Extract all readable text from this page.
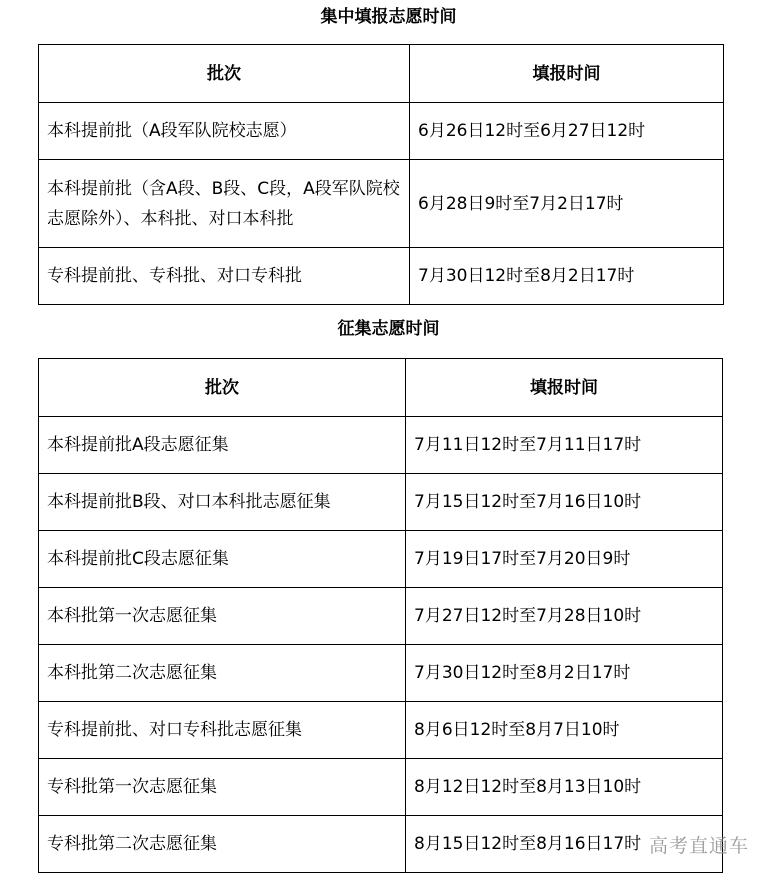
集中填报志愿时间
批次	填报时间
本科提前批（A段军队院校志愿）	6月26日12时至6月27日12时
本科提前批（含A段、B段、C段，A段军队院校志愿除外）、本科批、对口本科批	6月28日9时至7月2日17时
专科提前批、专科批、对口专科批	7月30日12时至8月2日17时
征集志愿时间
批次	填报时间
本科提前批A段志愿征集	7月11日12时至7月11日17时
本科提前批B段、对口本科批志愿征集	7月15日12时至7月16日10时
本科提前批C段志愿征集	7月19日17时至7月20日9时
本科批第一次志愿征集	7月27日12时至7月28日10时
本科批第二次志愿征集	7月30日12时至8月2日17时
专科提前批、对口专科批志愿征集	8月6日12时至8月7日10时
专科批第一次志愿征集	8月12日12时至8月13日10时
专科批第二次志愿征集	8月15日12时至8月16日17时 高考直通车
